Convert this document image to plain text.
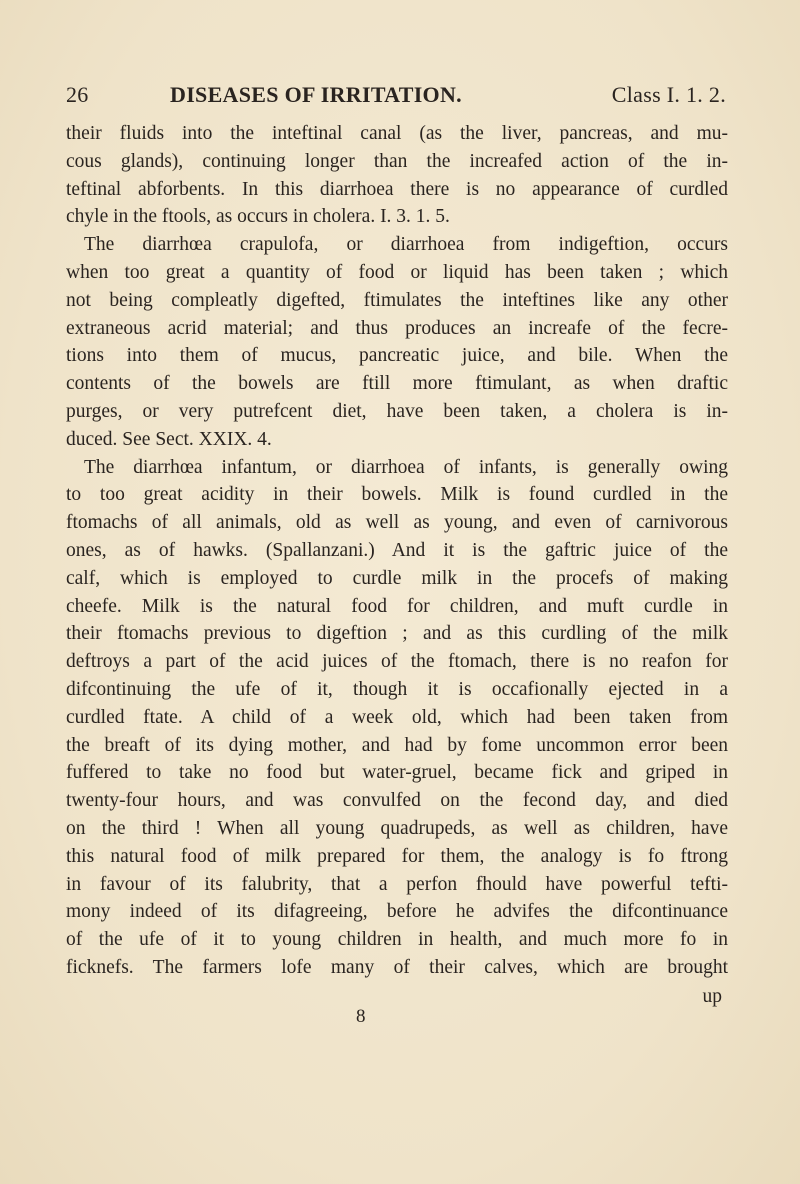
26	DISEASES OF IRRITATION.	Class I. 1. 2.
their fluids into the inteftinal canal (as the liver, pancreas, and mu-
cous glands), continuing longer than the increafed action of the in-
teftinal abforbents. In this diarrhoea there is no appearance of curdled
chyle in the ftools, as occurs in cholera. I. 3. 1. 5.
The diarrhœa crapulofa, or diarrhoea from indigeftion, occurs
when too great a quantity of food or liquid has been taken ; which
not being compleatly digefted, ftimulates the inteftines like any other
extraneous acrid material; and thus produces an increafe of the fecre-
tions into them of mucus, pancreatic juice, and bile. When the
contents of the bowels are ftill more ftimulant, as when draftic
purges, or very putrefcent diet, have been taken, a cholera is in-
duced. See Sect. XXIX. 4.
The diarrhœa infantum, or diarrhoea of infants, is generally owing
to too great acidity in their bowels. Milk is found curdled in the
ftomachs of all animals, old as well as young, and even of carnivorous
ones, as of hawks. (Spallanzani.) And it is the gaftric juice of the
calf, which is employed to curdle milk in the procefs of making
cheefe. Milk is the natural food for children, and muft curdle in
their ftomachs previous to digeftion ; and as this curdling of the milk
deftroys a part of the acid juices of the ftomach, there is no reafon for
difcontinuing the ufe of it, though it is occafionally ejected in a
curdled ftate. A child of a week old, which had been taken from
the breaft of its dying mother, and had by fome uncommon error been
fuffered to take no food but water-gruel, became fick and griped in
twenty-four hours, and was convulfed on the fecond day, and died
on the third ! When all young quadrupeds, as well as children, have
this natural food of milk prepared for them, the analogy is fo ftrong
in favour of its falubrity, that a perfon fhould have powerful tefti-
mony indeed of its difagreeing, before he advifes the difcontinuance
of the ufe of it to young children in health, and much more fo in
ficknefs. The farmers lofe many of their calves, which are brought
up
8
